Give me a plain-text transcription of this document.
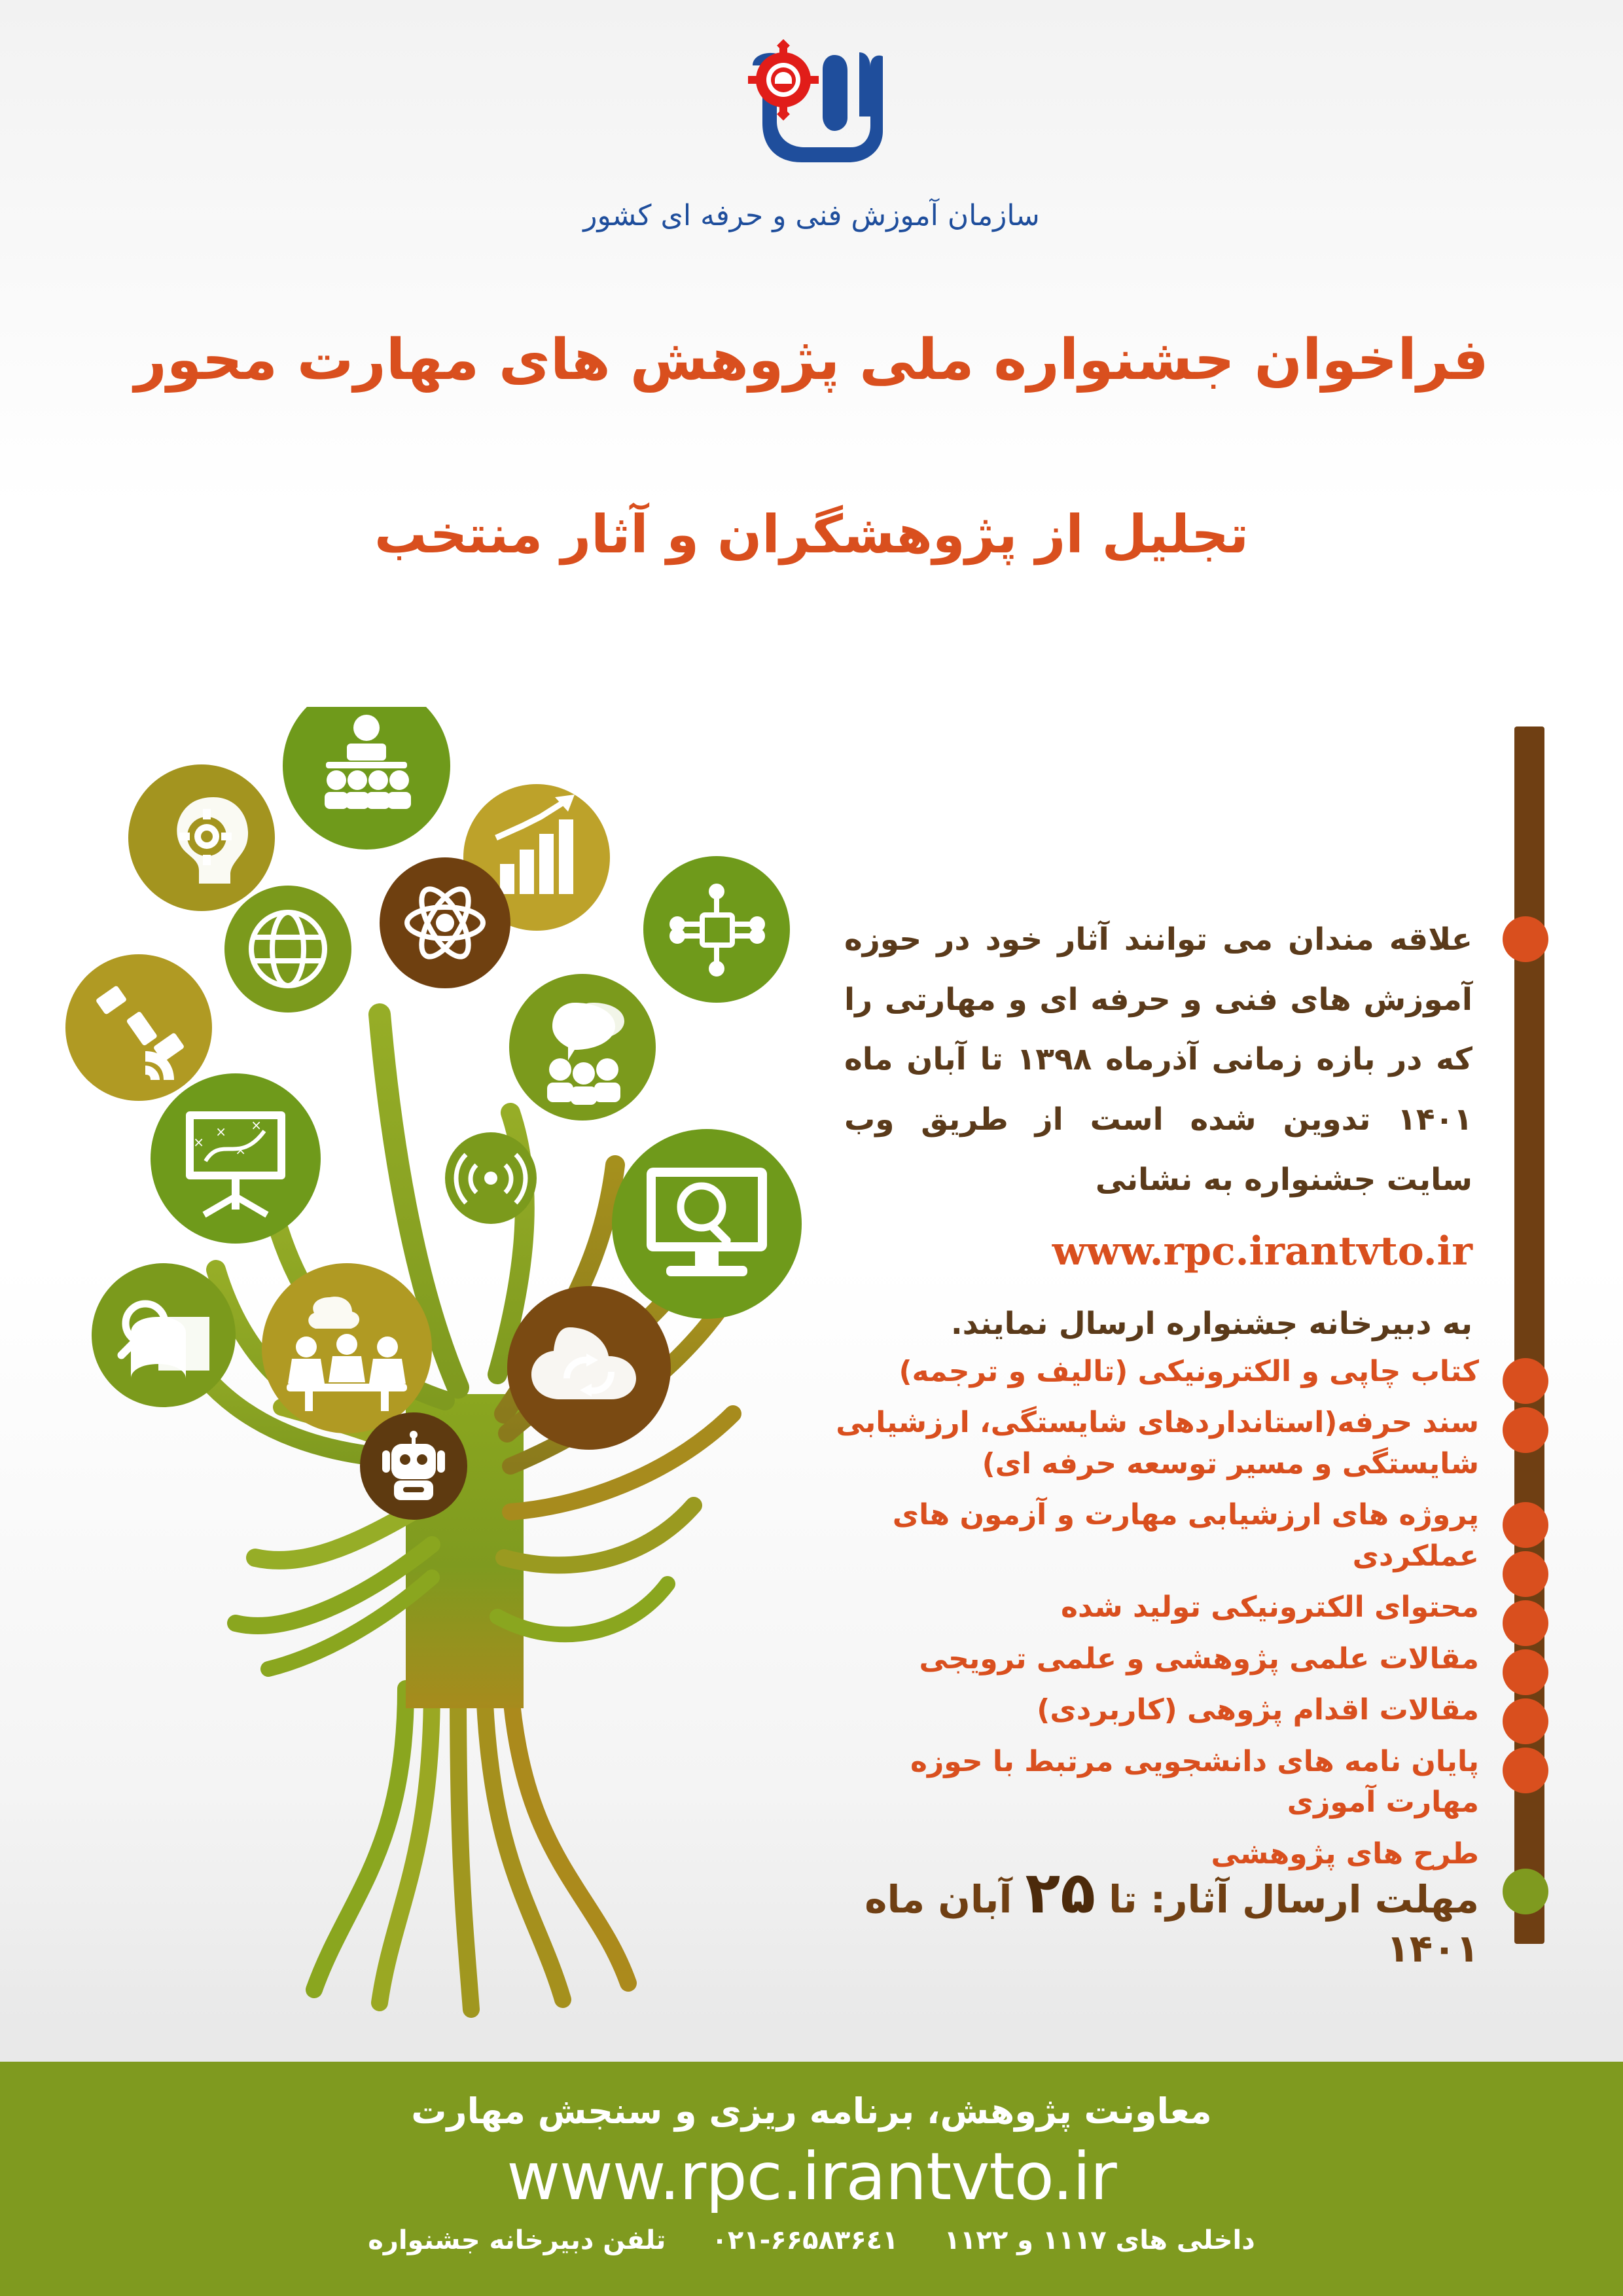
سازمان آموزش فنی و حرفه ای کشور
فراخوان جشنواره ملی پژوهش های مهارت محور
تجلیل از پژوهشگران و آثار منتخب
×
×
×
×
علاقه مندان می توانند آثار خود در حوزه آموزش های فنی و حرفه ای و مهارتی را که در بازه زمانی آذرماه ۱۳۹۸ تا آبان ماه ۱۴۰۱ تدوین شده است از طریق وب سایت جشنواره به نشانی
www.rpc.irantvto.ir
به دبیرخانه جشنواره ارسال نمایند.
کتاب چاپی و الکترونیکی (تالیف و ترجمه)
سند حرفه(استانداردهای شایستگی، ارزشیابی شایستگی و مسیر توسعه حرفه ای)
پروژه های ارزشیابی مهارت و آزمون های عملکردی
محتوای الکترونیکی تولید شده
مقالات علمی پژوهشی و علمی ترویجی
مقالات اقدام پژوهی (کاربردی)
پایان نامه های دانشجویی مرتبط با حوزه مهارت آموزی
طرح های پژوهشی
مهلت ارسال آثار: تا ۲۵ آبان ماه ۱۴۰۱
معاونت پژوهش، برنامه ریزی و سنجش مهارت
www.rpc.irantvto.ir
داخلی های ۱۱۱۷ و ۱۱۲۲
۰۲۱-۶۶۵۸۳۶٤۱
تلفن دبیرخانه جشنواره
